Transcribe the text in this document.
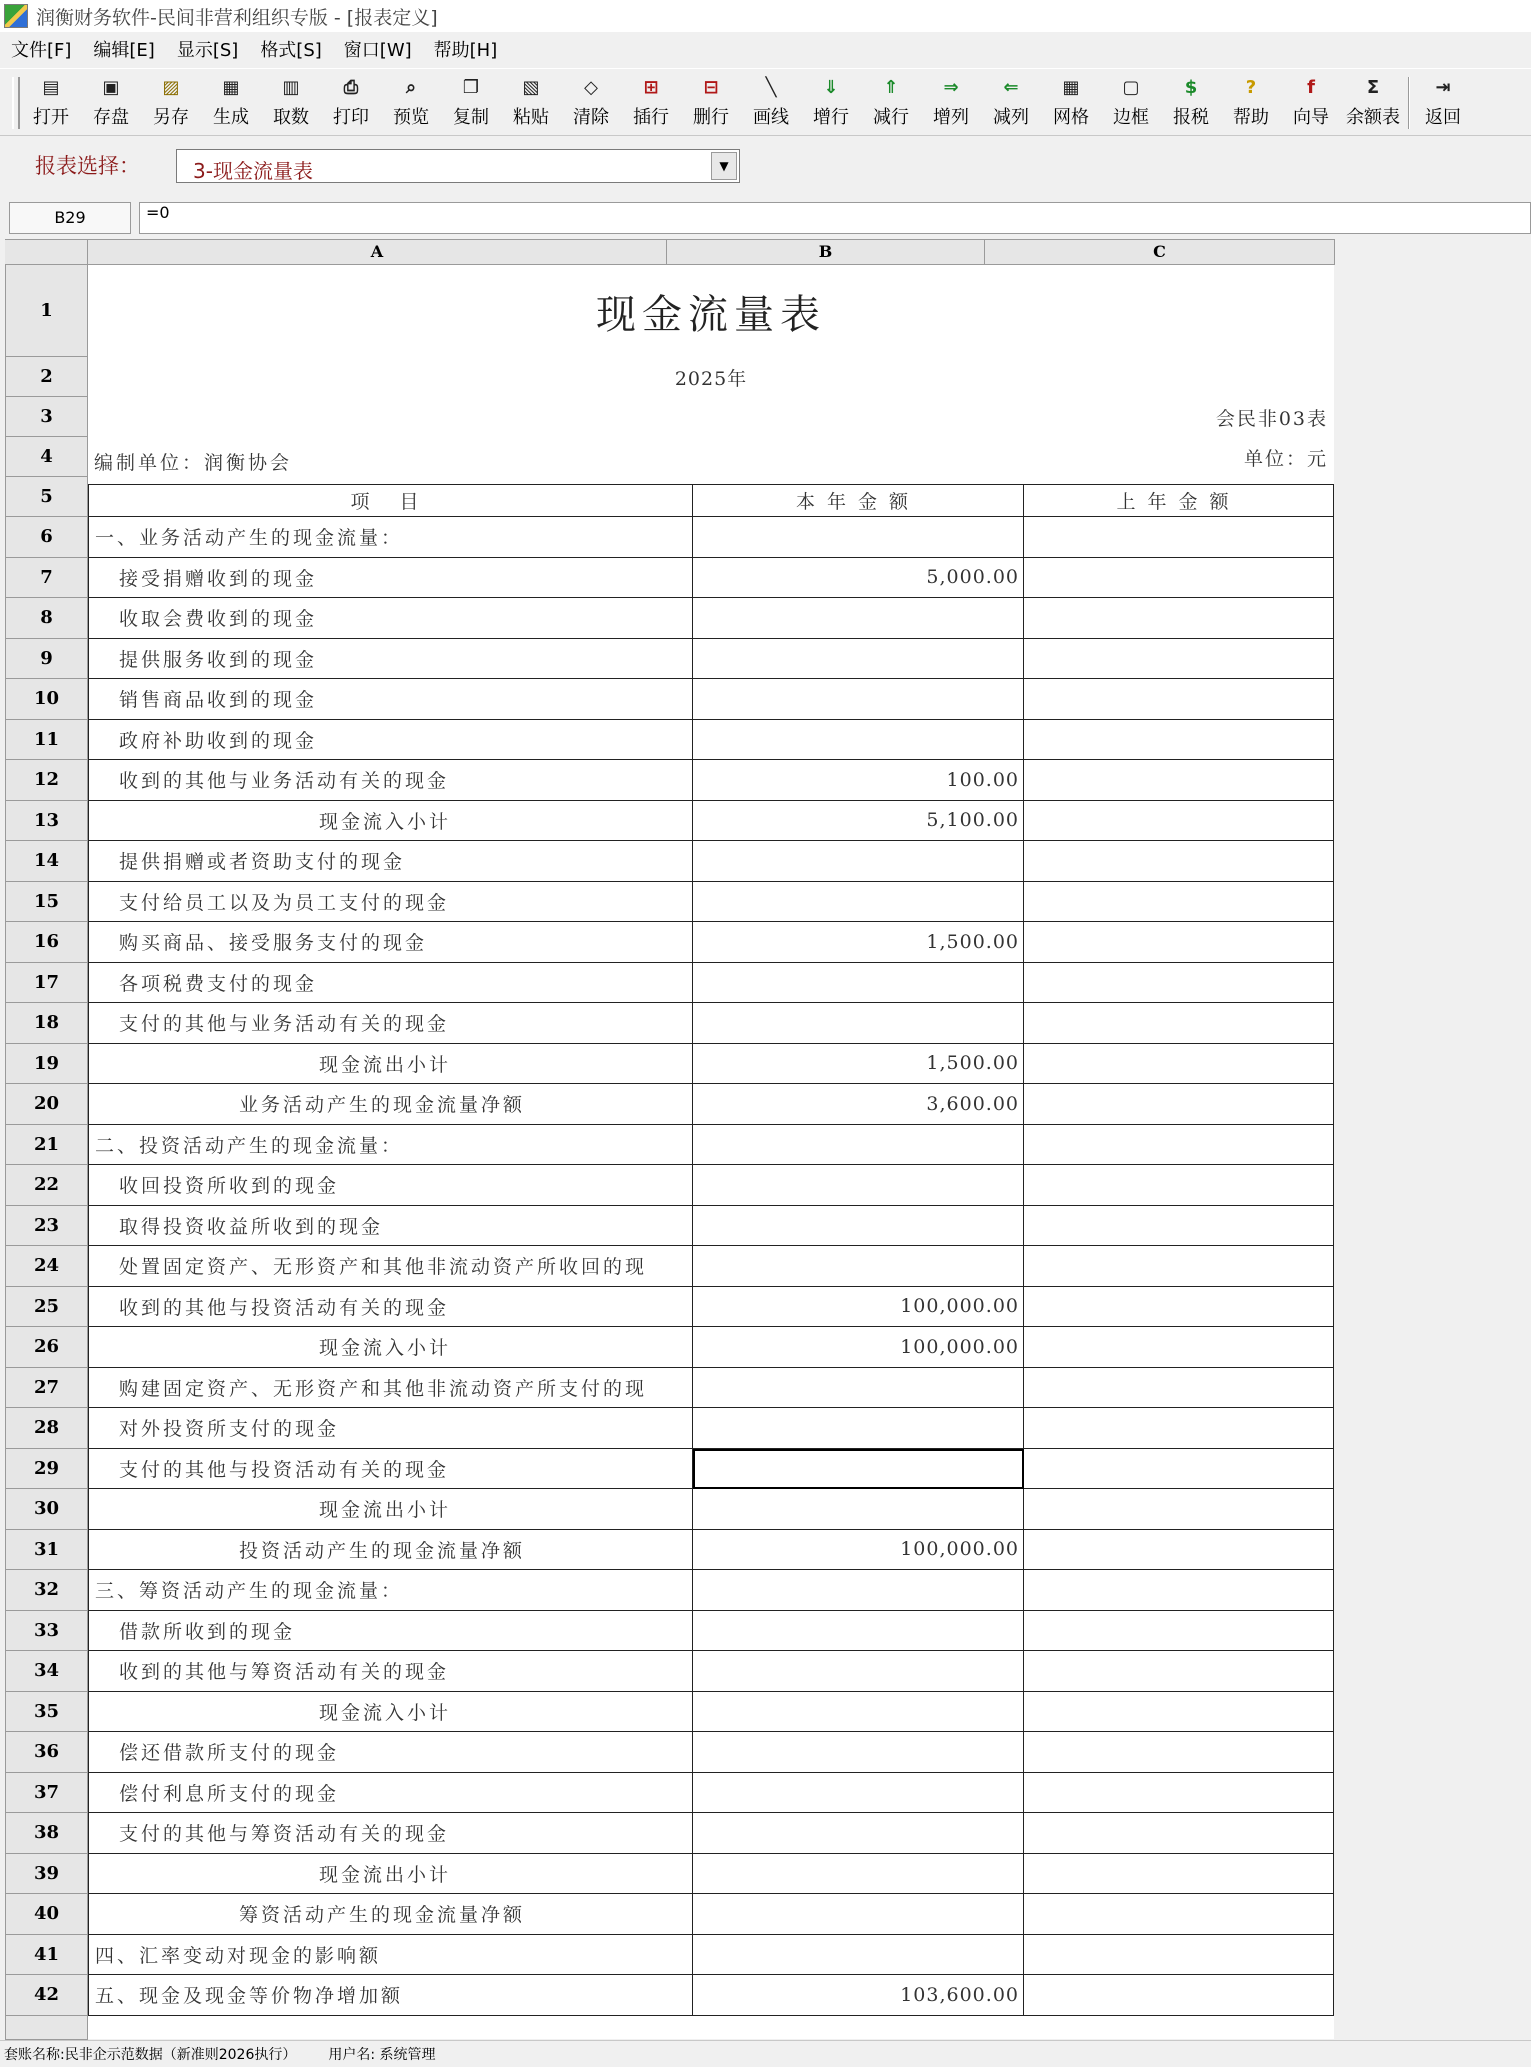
润衡财务软件-民间非营利组织专版 - [报表定义]
文件[F]	编辑[E]	显示[S]	格式[S]	窗口[W]	帮助[H]
▤
打开
▣
存盘
▨
另存
▦
生成
▥
取数
⎙
打印
⌕
预览
❐
复制
▧
粘贴
◇
清除
⊞
插行
⊟
删行
╲
画线
⇓
增行
⇑
减行
⇒
增列
⇐
减列
▦
网格
▢
边框
$
报税
?
帮助
f
向导
Σ
余额表
⇥
返回
报表选择：	3-现金流量表	▼
B29	=0
A	B	C
1	现金流量表
2	2025年
3	会民非03表
4	编制单位：润衡协会	单位：元
5	项 目	本年金额	上年金额
6	一、业务活动产生的现金流量：
7	接受捐赠收到的现金	5,000.00
8	收取会费收到的现金
9	提供服务收到的现金
10	销售商品收到的现金
11	政府补助收到的现金
12	收到的其他与业务活动有关的现金	100.00
13	现金流入小计	5,100.00
14	提供捐赠或者资助支付的现金
15	支付给员工以及为员工支付的现金
16	购买商品、接受服务支付的现金	1,500.00
17	各项税费支付的现金
18	支付的其他与业务活动有关的现金
19	现金流出小计	1,500.00
20	业务活动产生的现金流量净额	3,600.00
21	二、投资活动产生的现金流量：
22	收回投资所收到的现金
23	取得投资收益所收到的现金
24	处置固定资产、无形资产和其他非流动资产所收回的现
25	收到的其他与投资活动有关的现金	100,000.00
26	现金流入小计	100,000.00
27	购建固定资产、无形资产和其他非流动资产所支付的现
28	对外投资所支付的现金
29	支付的其他与投资活动有关的现金
30	现金流出小计
31	投资活动产生的现金流量净额	100,000.00
32	三、筹资活动产生的现金流量：
33	借款所收到的现金
34	收到的其他与筹资活动有关的现金
35	现金流入小计
36	偿还借款所支付的现金
37	偿付利息所支付的现金
38	支付的其他与筹资活动有关的现金
39	现金流出小计
40	筹资活动产生的现金流量净额
41	四、汇率变动对现金的影响额
42	五、现金及现金等价物净增加额	103,600.00
套账名称:民非企示范数据（新准则2026执行） 用户名: 系统管理
